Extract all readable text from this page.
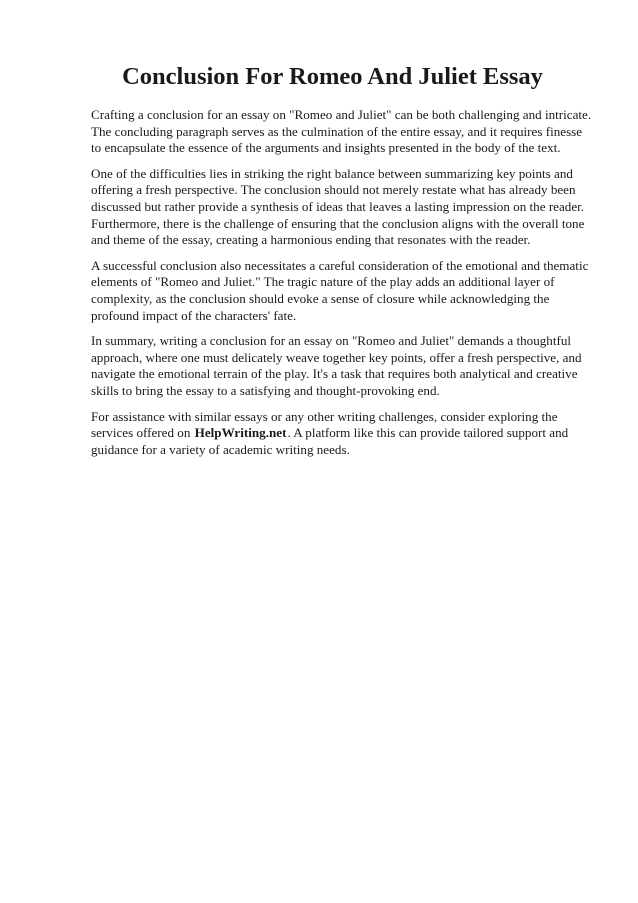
Conclusion For Romeo And Juliet Essay

Crafting a conclusion for an essay on "Romeo and Juliet" can be both challenging and intricate. The concluding paragraph serves as the culmination of the entire essay, and it requires finesse to encapsulate the essence of the arguments and insights presented in the body of the text.

One of the difficulties lies in striking the right balance between summarizing key points and offering a fresh perspective. The conclusion should not merely restate what has already been discussed but rather provide a synthesis of ideas that leaves a lasting impression on the reader. Furthermore, there is the challenge of ensuring that the conclusion aligns with the overall tone and theme of the essay, creating a harmonious ending that resonates with the reader.

A successful conclusion also necessitates a careful consideration of the emotional and thematic elements of "Romeo and Juliet." The tragic nature of the play adds an additional layer of complexity, as the conclusion should evoke a sense of closure while acknowledging the profound impact of the characters' fate.

In summary, writing a conclusion for an essay on "Romeo and Juliet" demands a thoughtful approach, where one must delicately weave together key points, offer a fresh perspective, and navigate the emotional terrain of the play. It's a task that requires both analytical and creative skills to bring the essay to a satisfying and thought-provoking end.

For assistance with similar essays or any other writing challenges, consider exploring the services offered on HelpWriting.net. A platform like this can provide tailored support and guidance for a variety of academic writing needs.
